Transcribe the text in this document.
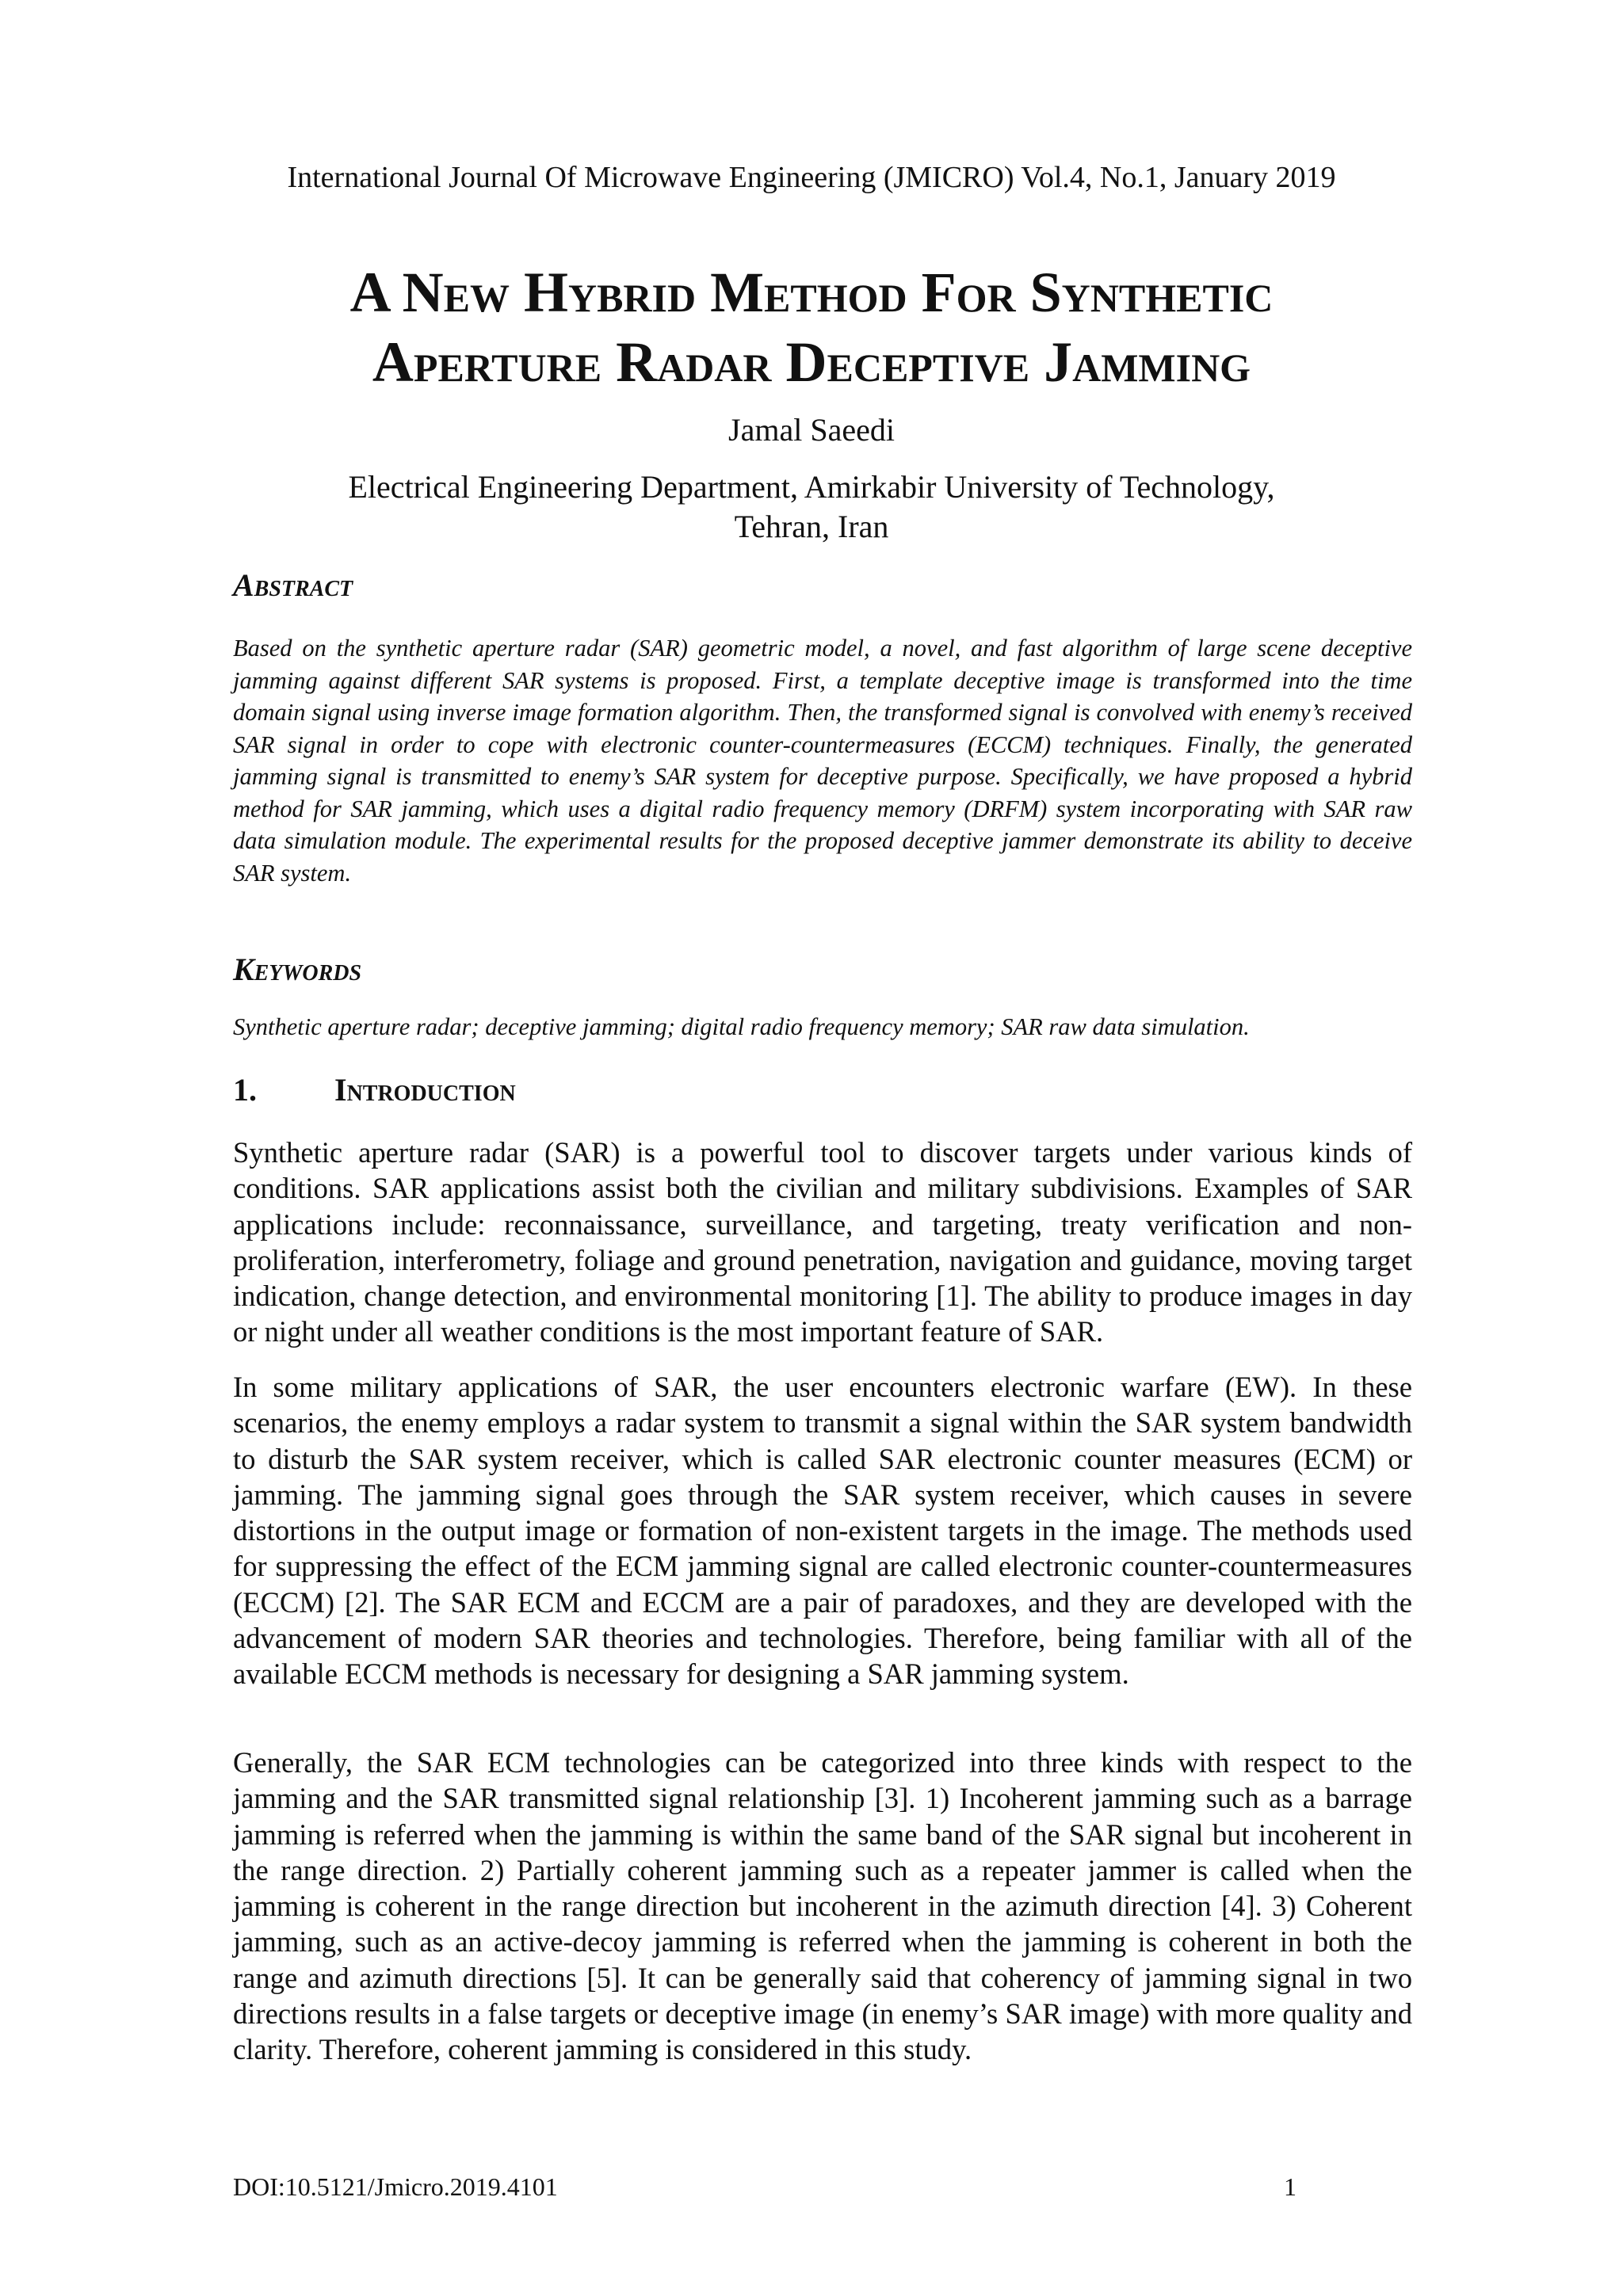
International Journal Of Microwave Engineering (JMICRO) Vol.4, No.1, January 2019
A New Hybrid Method For Synthetic
Aperture Radar Deceptive Jamming
Jamal Saeedi
Electrical Engineering Department, Amirkabir University of Technology,
Tehran, Iran
Abstract
Based on the synthetic aperture radar (SAR) geometric model, a novel, and fast algorithm of large scene deceptive jamming against different SAR systems is proposed. First, a template deceptive image is transformed into the time domain signal using inverse image formation algorithm. Then, the transformed signal is convolved with enemy’s received SAR signal in order to cope with electronic counter-countermeasures (ECCM) techniques. Finally, the generated jamming signal is transmitted to enemy’s SAR system for deceptive purpose. Specifically, we have proposed a hybrid method for SAR jamming, which uses a digital radio frequency memory (DRFM) system incorporating with SAR raw data simulation module. The experimental results for the proposed deceptive jammer demonstrate its ability to deceive SAR system.
Keywords
Synthetic aperture radar; deceptive jamming; digital radio frequency memory; SAR raw data simulation.
1. Introduction
Synthetic aperture radar (SAR) is a powerful tool to discover targets under various kinds of conditions. SAR applications assist both the civilian and military subdivisions. Examples of SAR applications include: reconnaissance, surveillance, and targeting, treaty verification and non-proliferation, interferometry, foliage and ground penetration, navigation and guidance, moving target indication, change detection, and environmental monitoring [1]. The ability to produce images in day or night under all weather conditions is the most important feature of SAR.
In some military applications of SAR, the user encounters electronic warfare (EW). In these scenarios, the enemy employs a radar system to transmit a signal within the SAR system bandwidth to disturb the SAR system receiver, which is called SAR electronic counter measures (ECM) or jamming. The jamming signal goes through the SAR system receiver, which causes in severe distortions in the output image or formation of non-existent targets in the image. The methods used for suppressing the effect of the ECM jamming signal are called electronic counter-countermeasures (ECCM) [2]. The SAR ECM and ECCM are a pair of paradoxes, and they are developed with the advancement of modern SAR theories and technologies. Therefore, being familiar with all of the available ECCM methods is necessary for designing a SAR jamming system.
Generally, the SAR ECM technologies can be categorized into three kinds with respect to the jamming and the SAR transmitted signal relationship [3]. 1) Incoherent jamming such as a barrage jamming is referred when the jamming is within the same band of the SAR signal but incoherent in the range direction. 2) Partially coherent jamming such as a repeater jammer is called when the jamming is coherent in the range direction but incoherent in the azimuth direction [4]. 3) Coherent jamming, such as an active-decoy jamming is referred when the jamming is coherent in both the range and azimuth directions [5]. It can be generally said that coherency of jamming signal in two directions results in a false targets or deceptive image (in enemy’s SAR image) with more quality and clarity. Therefore, coherent jamming is considered in this study.
DOI:10.5121/Jmicro.2019.4101	1
